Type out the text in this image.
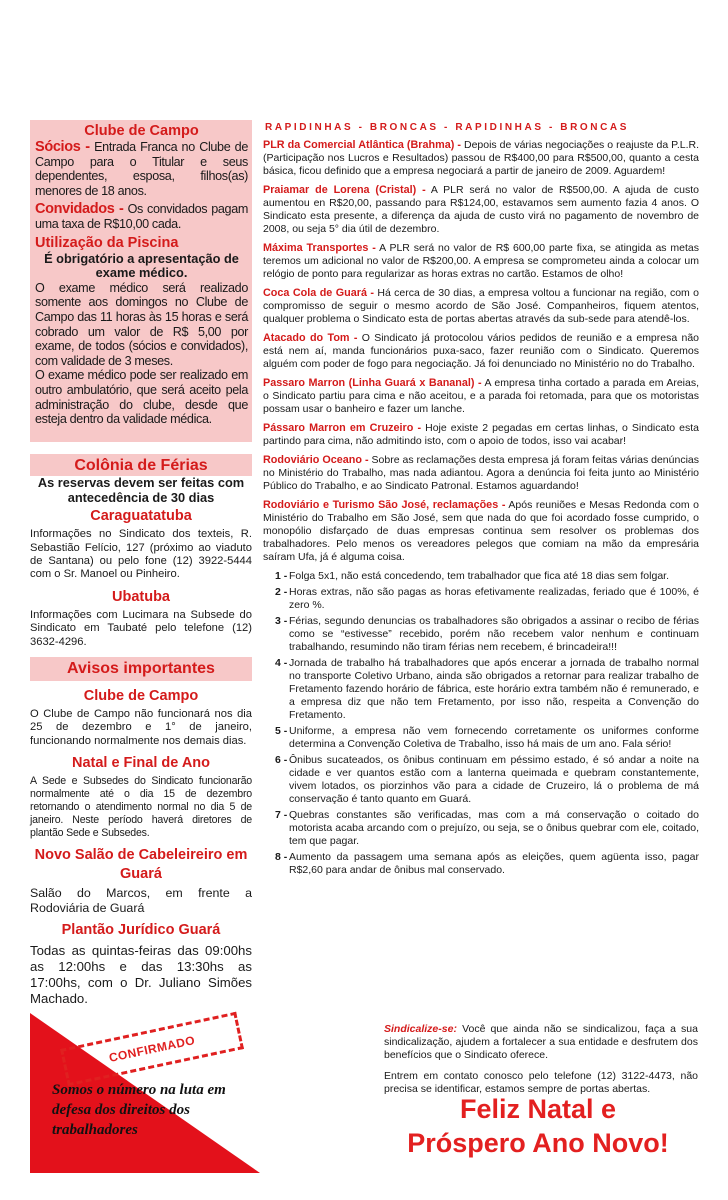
Clube de Campo
Sócios - Entrada Franca no Clube de Campo para o Titular e seus dependentes, esposa, filhos(as) menores de 18 anos.
Convidados - Os convidados pagam uma taxa de R$10,00 cada.
Utilização da Piscina
É obrigatório a apresentação de exame médico.
O exame médico será realizado somente aos domingos no Clube de Campo das 11 horas às 15 horas e será cobrado um valor de R$ 5,00 por exame, de todos (sócios e convidados), com validade de 3 meses.
O exame médico pode ser realizado em outro ambulatório, que será aceito pela administração do clube, desde que esteja dentro da validade médica.
Colônia de Férias
As reservas devem ser feitas com antecedência de 30 dias
Caraguatatuba
Informações no Sindicato dos texteis, R. Sebastião Felício, 127 (próximo ao viaduto de Santana) ou pelo fone (12) 3922-5444 com o Sr. Manoel ou Pinheiro.
Ubatuba
Informações com Lucimara na Subsede do Sindicato em Taubaté pelo telefone (12) 3632-4296.
Avisos importantes
Clube de Campo
O Clube de Campo não funcionará nos dia 25 de dezembro e 1° de janeiro, funcionando normalmente nos demais dias.
Natal e Final de Ano
A Sede e Subsedes do Sindicato funcionarão normalmente até o dia 15 de dezembro retornando o atendimento normal no dia 5 de janeiro. Neste período haverá diretores de plantão Sede e Subsedes.
Novo Salão de Cabeleireiro em Guará
Salão do Marcos, em frente a Rodoviária de Guará
Plantão Jurídico Guará
Todas as quintas-feiras das 09:00hs as 12:00hs e das 13:30hs as 17:00hs, com o Dr. Juliano Simões Machado.
CONFIRMADO
Somos o número na luta em defesa dos direitos dos trabalhadores
RAPIDINHAS - BRONCAS - RAPIDINHAS - BRONCAS
PLR da Comercial Atlântica (Brahma) - Depois de várias negociações o reajuste da P.L.R. (Participação nos Lucros e Resultados) passou de R$400,00 para R$500,00, quanto a cesta básica, ficou definido que a empresa negociará a partir de janeiro de 2009. Aguardem!
Praiamar de Lorena (Cristal) - A PLR será no valor de R$500,00. A ajuda de custo aumentou en R$20,00, passando para R$124,00, estavamos sem aumento fazia 4 anos. O Sindicato esta presente, a diferença da ajuda de custo virá no pagamento de novembro de 2008, ou seja 5° dia útil de dezembro.
Máxima Transportes - A PLR será no valor de R$ 600,00 parte fixa, se atingida as metas teremos um adicional no valor de R$200,00. A empresa se comprometeu ainda a colocar um relógio de ponto para regularizar as horas extras no cartão. Estamos de olho!
Coca Cola de Guará - Há cerca de 30 dias, a empresa voltou a funcionar na região, com o compromisso de seguir o mesmo acordo de São José. Companheiros, fiquem atentos, qualquer problema o Sindicato esta de portas abertas através da sub-sede para atendê-los.
Atacado do Tom - O Sindicato já protocolou vários pedidos de reunião e a empresa não está nem aí, manda funcionários puxa-saco, fazer reunião com o Sindicato. Queremos alguém com poder de fogo para negociação. Já foi denunciado no Ministério no do Trabalho.
Passaro Marron (Linha Guará x Bananal) - A empresa tinha cortado a parada em Areias, o Sindicato partiu para cima e não aceitou, e a parada foi retomada, para que os motoristas possam usar o banheiro e fazer um lanche.
Pássaro Marron em Cruzeiro - Hoje existe 2 pegadas em certas linhas, o Sindicato esta partindo para cima, não admitindo isto, com o apoio de todos, isso vai acabar!
Rodoviário Oceano - Sobre as reclamações desta empresa já foram feitas várias denúncias no Ministério do Trabalho, mas nada adiantou. Agora a denúncia foi feita junto ao Ministério Público do Trabalho, e ao Sindicato Patronal. Estamos aguardando!
Rodoviário e Turismo São José, reclamações - Após reuniões e Mesas Redonda com o Ministério do Trabalho em São José, sem que nada do que foi acordado fosse cumprido, o monopólio disfarçado de duas empresas continua sem resolver os problemas dos trabalhadores. Pelo menos os vereadores pelegos que comiam na mão da empresária saíram Ufa, já é alguma coisa.
1 - Folga 5x1, não está concedendo, tem trabalhador que fica até 18 dias sem folgar.
2 - Horas extras, não são pagas as horas efetivamente realizadas, feriado que é 100%, é zero %.
3 - Férias, segundo denuncias os trabalhadores são obrigados a assinar o recibo de férias como se “estivesse” recebido, porém não recebem valor nenhum e continuam trabalhando, resumindo não tiram férias nem recebem, é brincadeira!!!
4 - Jornada de trabalho há trabalhadores que após encerar a jornada de trabalho normal no transporte Coletivo Urbano, ainda são obrigados a retornar para realizar trabalho de Fretamento fazendo horário de fábrica, este horário extra também não é remunerado, e a empresa diz que não tem Fretamento, por isso não, respeita a Convenção do Fretamento.
5 - Uniforme, a empresa não vem fornecendo corretamente os uniformes conforme determina a Convenção Coletiva de Trabalho, isso há mais de um ano. Fala sério!
6 - Ônibus sucateados, os ônibus continuam em péssimo estado, é só andar a noite na cidade e ver quantos estão com a lanterna queimada e quebram constantemente, vivem lotados, os piorzinhos vão para a cidade de Cruzeiro, lá o problema de má conservação é tanto quanto em Guará.
7 - Quebras constantes são verificadas, mas com a má conservação o coitado do motorista acaba arcando com o prejuízo, ou seja, se o ônibus quebrar com ele, coitado, tem que pagar.
8 - Aumento da passagem uma semana após as eleições, quem agüenta isso, pagar R$2,60 para andar de ônibus mal conservado.

Sindicalize-se: Você que ainda não se sindicalizou, faça a sua sindicalização, ajudem a fortalecer a sua entidade e desfrutem dos benefícios que o Sindicato oferece.

Entrem em contato conosco pelo telefone (12) 3122-4473, não precisa se identificar, estamos sempre de portas abertas.

Feliz Natal e
Próspero Ano Novo!
